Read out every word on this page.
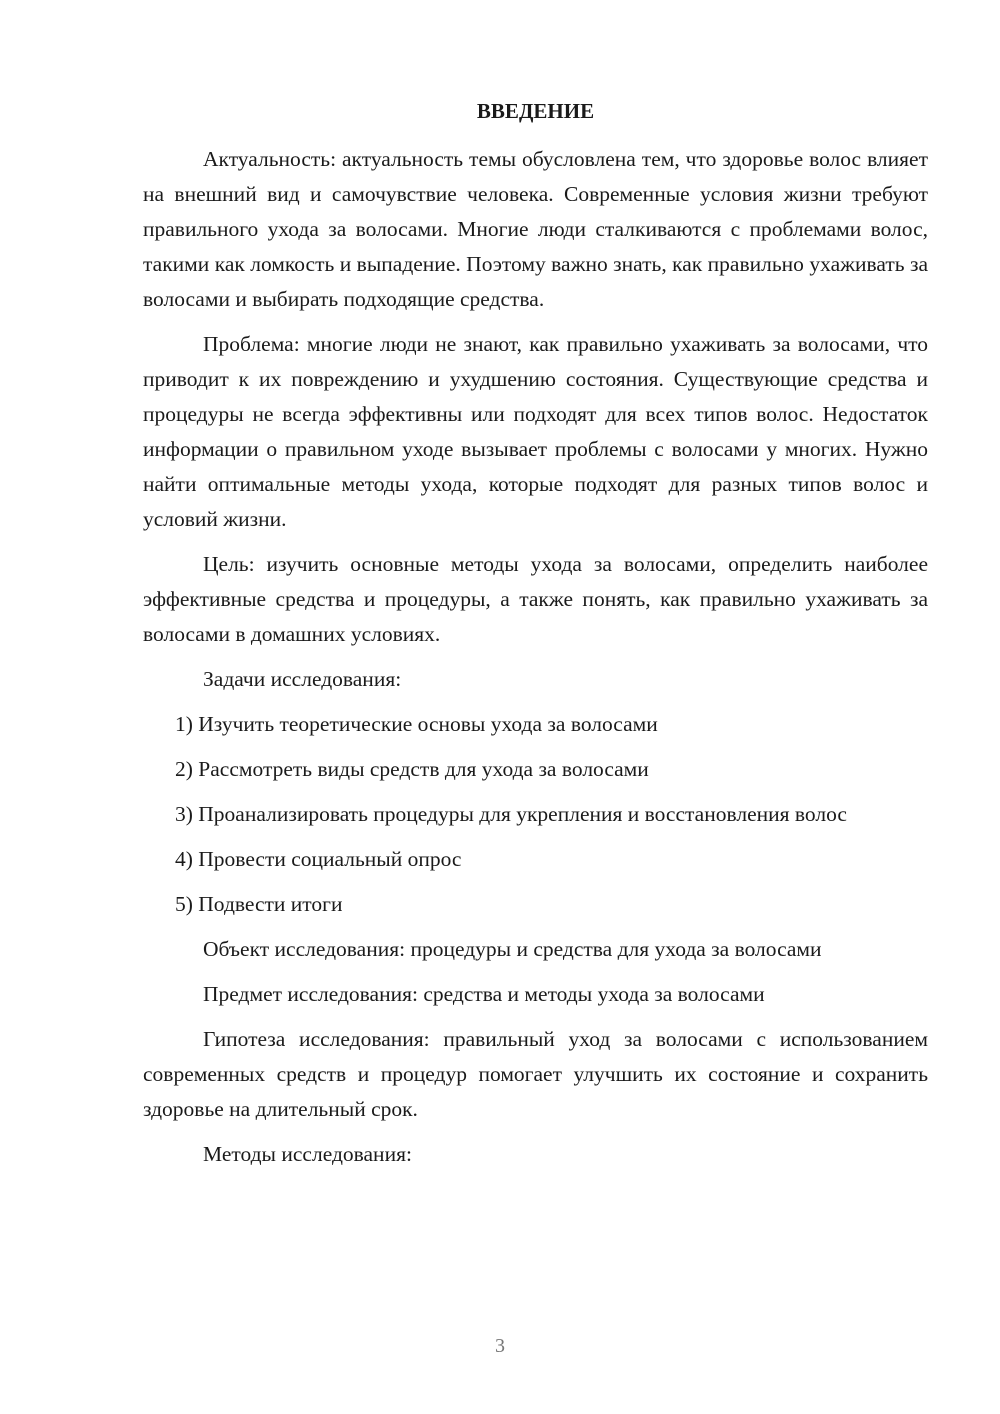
ВВЕДЕНИЕ

Актуальность: актуальность темы обусловлена тем, что здоровье волос влияет на внешний вид и самочувствие человека. Современные условия жизни требуют правильного ухода за волосами. Многие люди сталкиваются с проблемами волос, такими как ломкость и выпадение. Поэтому важно знать, как правильно ухаживать за волосами и выбирать подходящие средства.

Проблема: многие люди не знают, как правильно ухаживать за волосами, что приводит к их повреждению и ухудшению состояния. Существующие средства и процедуры не всегда эффективны или подходят для всех типов волос. Недостаток информации о правильном уходе вызывает проблемы с волосами у многих. Нужно найти оптимальные методы ухода, которые подходят для разных типов волос и условий жизни.

Цель: изучить основные методы ухода за волосами, определить наиболее эффективные средства и процедуры, а также понять, как правильно ухаживать за волосами в домашних условиях.

Задачи исследования:
1) Изучить теоретические основы ухода за волосами
2) Рассмотреть виды средств для ухода за волосами

3) Проанализировать процедуры для укрепления и восстановления волос

4) Провести социальный опрос
5) Подвести итоги
Объект исследования: процедуры и средства для ухода за волосами
Предмет исследования: средства и методы ухода за волосами

Гипотеза исследования: правильный уход за волосами с использованием современных средств и процедур помогает улучшить их состояние и сохранить здоровье на длительный срок.

Методы исследования:
3
